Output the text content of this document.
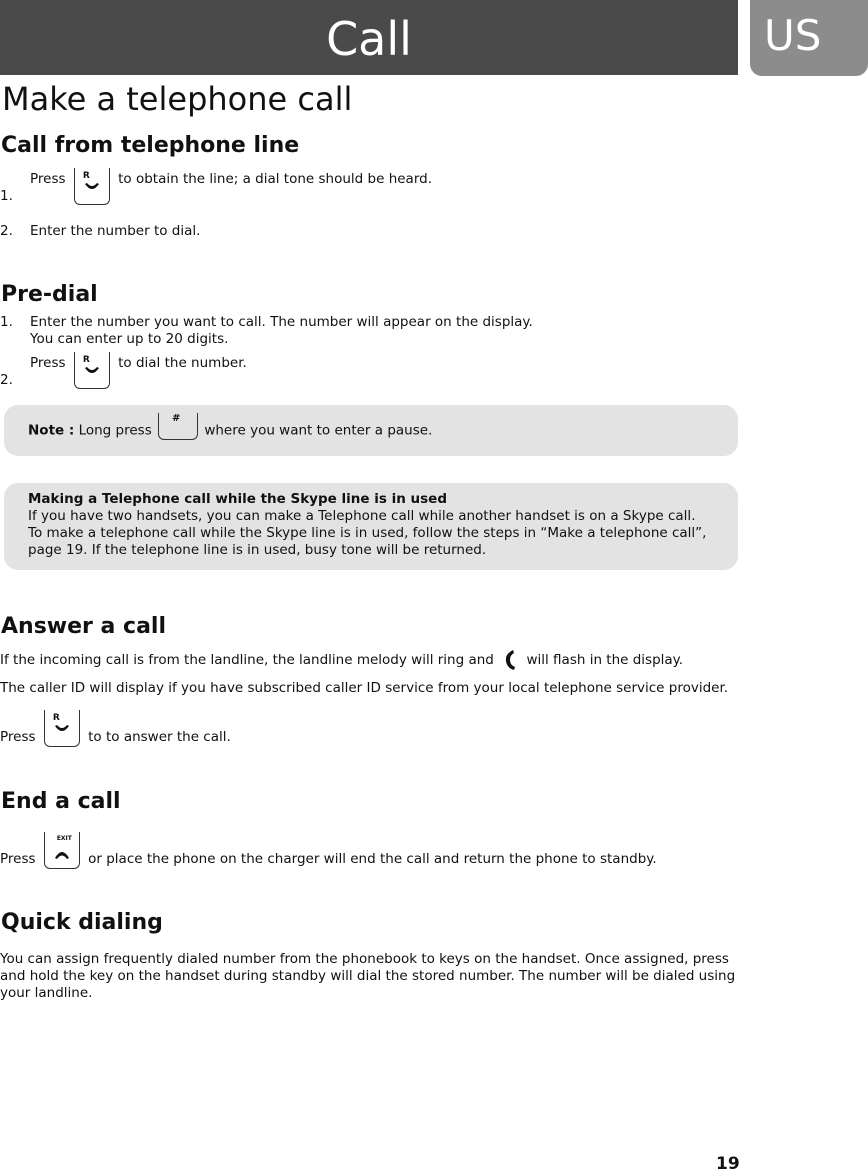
Call	US
Make a telephone call
Call from telephone line
1.
Press R to obtain the line; a dial tone should be heard.
2. Enter the number to dial.
Pre-dial
1. Enter the number you want to call. The number will appear on the display.
You can enter up to 20 digits.
2.
Press R to dial the number.
Note : Long press
#
where you want to enter a pause.
Making a Telephone call while the Skype line is in used
If you have two handsets, you can make a Telephone call while another handset is on a Skype call.
To make a telephone call while the Skype line is in used, follow the steps in “Make a telephone call”,
page 19. If the telephone line is in used, busy tone will be returned.
Answer a call
If the incoming call is from the landline, the landline melody will ring and will flash in the display.
The caller ID will display if you have subscribed caller ID service from your local telephone service provider.
Press
R
to to answer the call.
End a call
Press
EXIT
or place the phone on the charger will end the call and return the phone to standby.
Quick dialing
You can assign frequently dialed number from the phonebook to keys on the handset. Once assigned, press
and hold the key on the handset during standby will dial the stored number. The number will be dialed using
your landline.
19
